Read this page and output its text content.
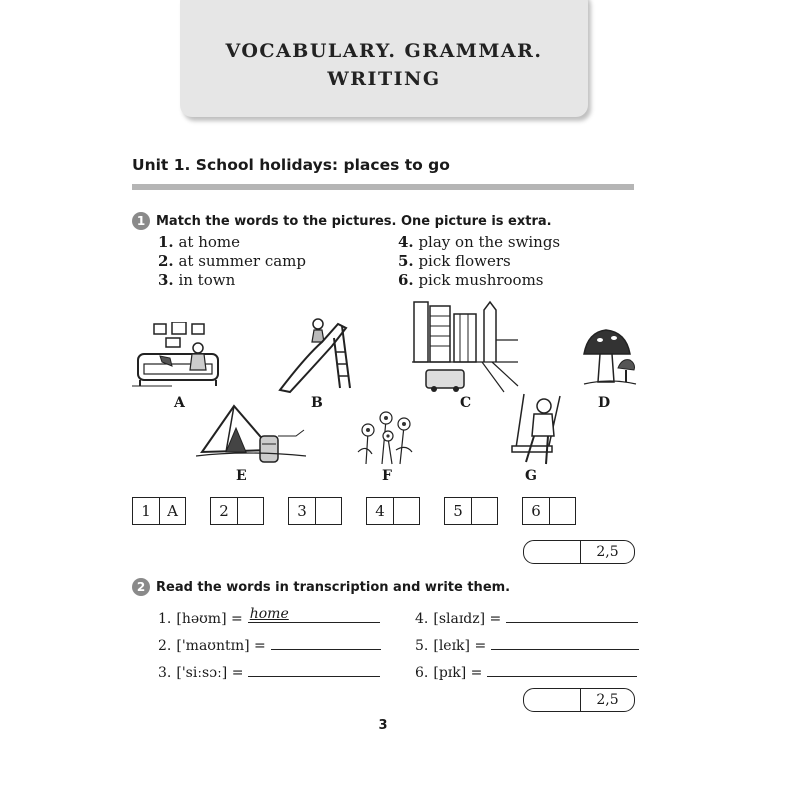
VOCABULARY. GRAMMAR.
WRITING
Unit 1. School holidays: places to go
1 Match the words to the pictures. One picture is extra.
1. at home
2. at summer camp
3. in town
4. play on the swings
5. pick flowers
6. pick mushrooms
A	B	C	D
E	F	G
1	A	2	3	4	5	6
2,5
2 Read the words in transcription and write them.
1. [həʊm] = home
2. ['maʊntɪn] =
3. ['siːsɔː] =
4. [slaɪdz] =
5. [leɪk] =
6. [pɪk] =
2,5
3
